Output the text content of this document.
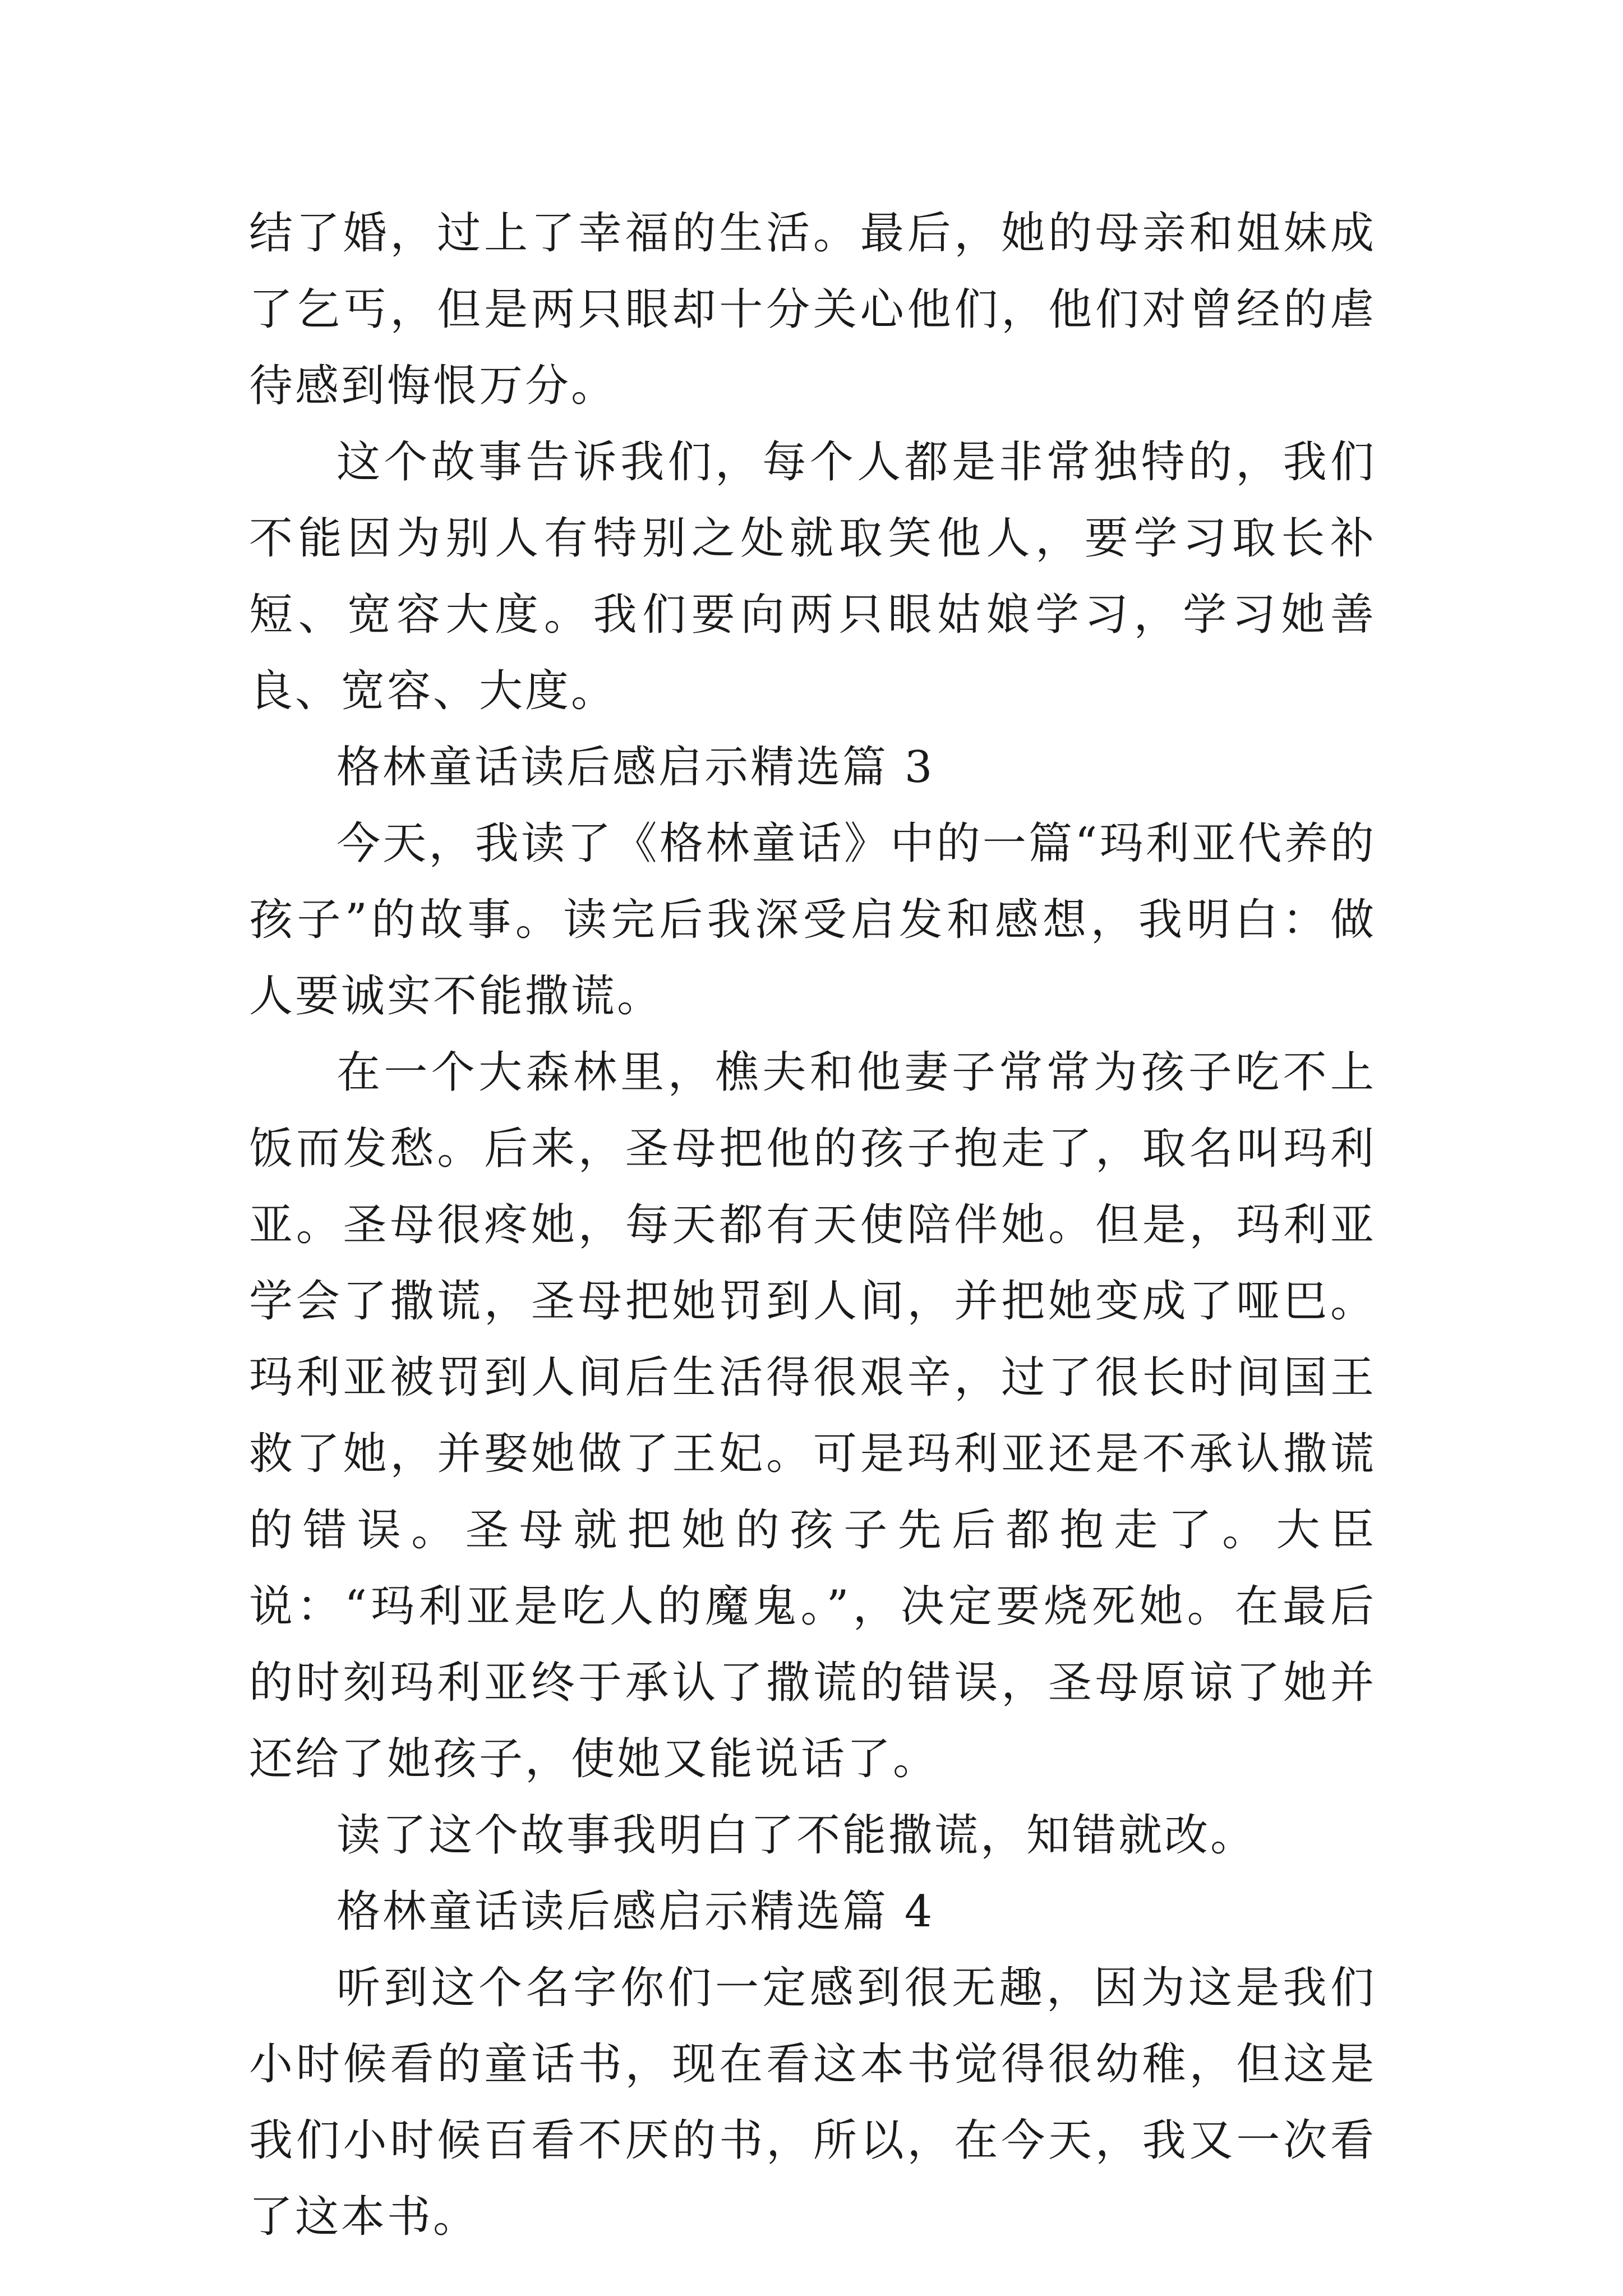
结了婚，过上了幸福的生活。最后，她的母亲和姐妹成了乞丐，但是两只眼却十分关心他们，他们对曾经的虐待感到悔恨万分。

这个故事告诉我们，每个人都是非常独特的，我们不能因为别人有特别之处就取笑他人，要学习取长补短、宽容大度。我们要向两只眼姑娘学习，学习她善良、宽容、大度。

格林童话读后感启示精选篇 3

今天，我读了《格林童话》中的一篇“玛利亚代养的孩子”的故事。读完后我深受启发和感想，我明白：做人要诚实不能撒谎。

在一个大森林里，樵夫和他妻子常常为孩子吃不上饭而发愁。后来，圣母把他的孩子抱走了，取名叫玛利亚。圣母很疼她，每天都有天使陪伴她。但是，玛利亚学会了撒谎，圣母把她罚到人间，并把她变成了哑巴。玛利亚被罚到人间后生活得很艰辛，过了很长时间国王救了她，并娶她做了王妃。可是玛利亚还是不承认撒谎的错误。圣母就把她的孩子先后都抱走了。大臣说：“玛利亚是吃人的魔鬼。”，决定要烧死她。在最后的时刻玛利亚终于承认了撒谎的错误，圣母原谅了她并还给了她孩子，使她又能说话了。

读了这个故事我明白了不能撒谎，知错就改。

格林童话读后感启示精选篇 4

听到这个名字你们一定感到很无趣，因为这是我们小时候看的童话书，现在看这本书觉得很幼稚，但这是我们小时候百看不厌的书，所以，在今天，我又一次看了这本书。
